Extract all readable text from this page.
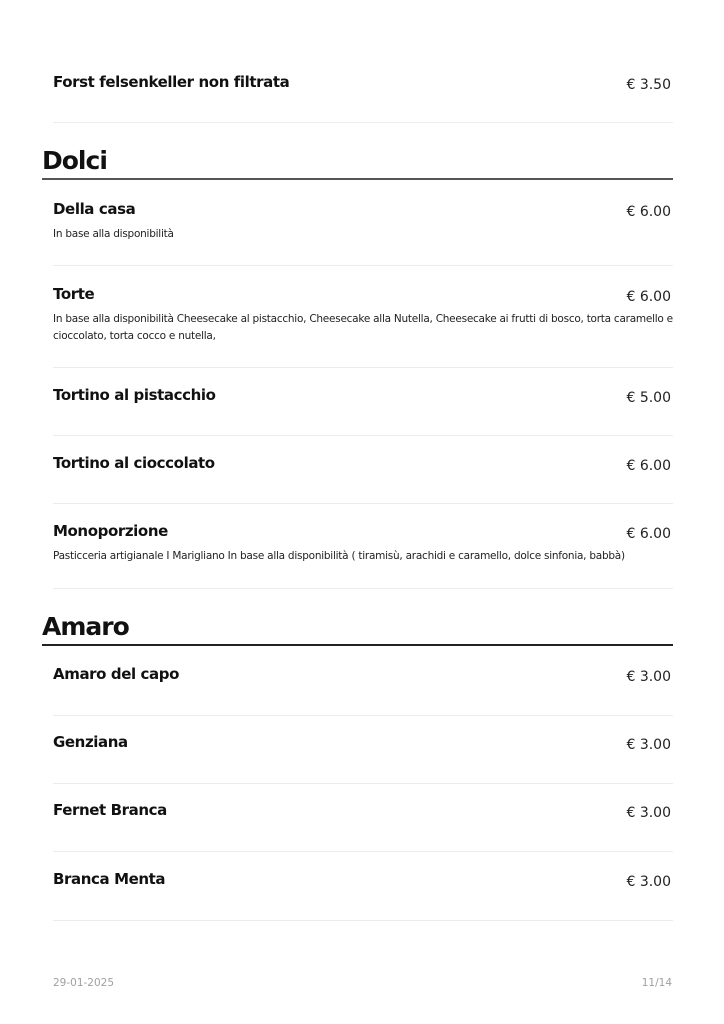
Forst felsenkeller non filtrata	€ 3.50
Dolci
Della casa	€ 6.00
In base alla disponibilità
Torte	€ 6.00
In base alla disponibilità Cheesecake al pistacchio, Cheesecake alla Nutella, Cheesecake ai frutti di bosco, torta caramello e cioccolato, torta cocco e nutella,
Tortino al pistacchio	€ 5.00
Tortino al cioccolato	€ 6.00
Monoporzione	€ 6.00
Pasticceria artigianale I Marigliano In base alla disponibilità ( tiramisù, arachidi e caramello, dolce sinfonia, babbà)
Amaro
Amaro del capo	€ 3.00
Genziana	€ 3.00
Fernet Branca	€ 3.00
Branca Menta	€ 3.00
29-01-2025	11/14
